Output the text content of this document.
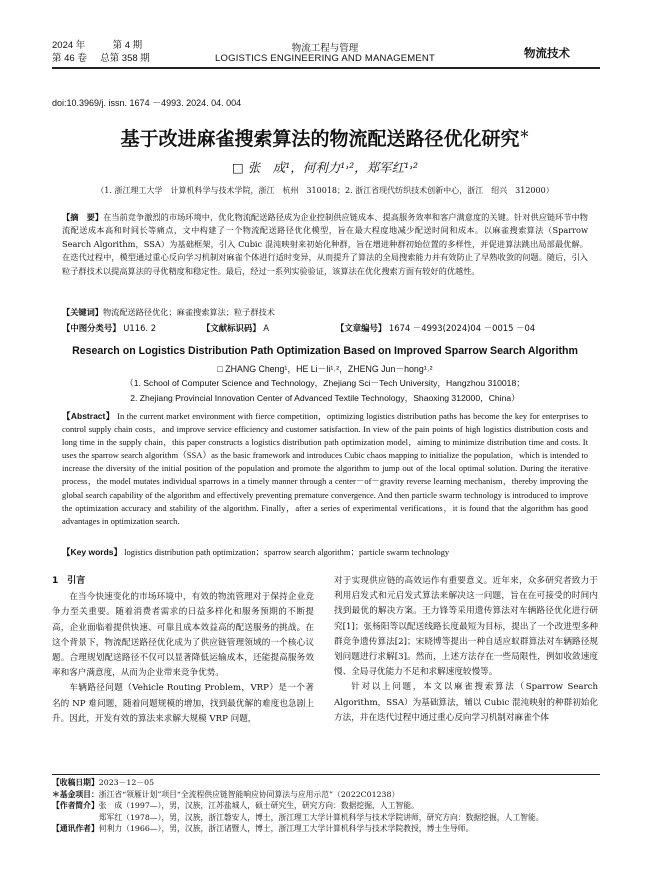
2024 年	第 4 期
第 46 卷 总第 358 期
物流工程与管理
LOGISTICS ENGINEERING AND MANAGEMENT	物流技术
doi:10.3969/j. issn. 1674 －4993. 2024. 04. 004
基于改进麻雀搜索算法的物流配送路径优化研究＊
□ 张　成¹，何利力¹˒²，郑军红¹˒²
（1. 浙江理工大学　计算机科学与技术学院，浙江　杭州　310018；2. 浙江省现代纺织技术创新中心，浙江　绍兴　312000）
【摘　要】在当前竞争激烈的市场环境中，优化物流配送路径成为企业控制供应链成本、提高服务效率和客户满意度的关键。针对供应链环节中物流配送成本高和时间长等痛点，文中构建了一个物流配送路径优化模型，旨在最大程度地减少配送时间和成本。以麻雀搜索算法（Sparrow Search Algorithm，SSA）为基础框架，引入 Cubic 混沌映射来初始化种群，旨在增进种群初始位置的多样性，并促进算法跳出局部最优解。在迭代过程中，模型通过重心反向学习机制对麻雀个体进行适时变异，从而提升了算法的全局搜索能力并有效防止了早熟收敛的问题。随后，引入粒子群技术以提高算法的寻优精度和稳定性。最后，经过一系列实验验证，该算法在优化搜索方面有较好的优越性。
【关键词】物流配送路径优化；麻雀搜索算法；粒子群技术
【中图分类号】 U116. 2	【文献标识码】 A	【文章编号】 1674 －4993(2024)04 －0015 －04
Research on Logistics Distribution Path Optimization Based on Improved Sparrow Search Algorithm
□ ZHANG Cheng¹，HE Li－li¹˒²，ZHENG Jun－hong¹˒²
（1. School of Computer Science and Technology，Zhejiang Sci－Tech University，Hangzhou 310018；
2. Zhejiang Provincial Innovation Center of Advanced Textile Technology，Shaoxing 312000，China）
【Abstract】 In the current market environment with fierce competition，optimizing logistics distribution paths has become the key for enterprises to control supply chain costs，and improve service efficiency and customer satisfaction. In view of the pain points of high logistics distribution costs and long time in the supply chain，this paper constructs a logistics distribution path optimization model，aiming to minimize distribution time and costs. It uses the sparrow search algorithm（SSA）as the basic framework and introduces Cubic chaos mapping to initialize the population，which is intended to increase the diversity of the initial position of the population and promote the algorithm to jump out of the local optimal solution. During the iterative process，the model mutates individual sparrows in a timely manner through a center－of－gravity reverse learning mechanism，thereby improving the global search capability of the algorithm and effectively preventing premature convergence. And then particle swarm technology is introduced to improve the optimization accuracy and stability of the algorithm. Finally，after a series of experimental verifications，it is found that the algorithm has good advantages in optimization search.
【Key words】 logistics distribution path optimization；sparrow search algorithm；particle swarm technology
1　引言

在当今快速变化的市场环境中，有效的物流管理对于保持企业竞争力至关重要。随着消费者需求的日益多样化和服务预期的不断提高，企业面临着提供快速、可靠且成本效益高的配送服务的挑战。在这个背景下，物流配送路径优化成为了供应链管理领域的一个核心议题。合理规划配送路径不仅可以显著降低运输成本，还能提高服务效率和客户满意度，从而为企业带来竞争优势。

车辆路径问题（Vehicle Routing Problem，VRP）是一个著名的 NP 难问题，随着问题规模的增加，找到最优解的难度也急剧上升。因此，开发有效的算法来求解大规模 VRP 问题，

对于实现供应链的高效运作有重要意义。近年来，众多研究者致力于利用启发式和元启发式算法来解决这一问题，旨在在可接受的时间内找到最优的解决方案。王力锋等采用遗传算法对车辆路径优化进行研究[1]；张杨阳等以配送线路长度最短为目标，提出了一个改进型多种群竞争遗传算法[2]；宋晓博等提出一种自适应蚁群算法对车辆路径规划问题进行求解[3]。然而，上述方法存在一些局限性，例如收敛速度慢、全局寻优能力不足和求解速度较慢等。

针对以上问题，本文以麻雀搜索算法（Sparrow Search Algorithm，SSA）为基础算法，辅以 Cubic 混沌映射的种群初始化方法，并在迭代过程中通过重心反向学习机制对麻雀个体

【收稿日期】2023－12－05
＊基金项目：浙江省“领雁计划”项目“全流程供应链智能响应协同算法与应用示范”（2022C01238）
【作者简介】 张　成（1997—），男，汉族，江苏盐城人，硕士研究生，研究方向：数据挖掘，人工智能。
郑军红（1978—），男，汉族，浙江磐安人，博士，浙江理工大学计算机科学与技术学院讲师，研究方向：数据挖掘，人工智能。
【通讯作者】何利力（1966—），男，汉族，浙江诸暨人，博士，浙江理工大学计算机科学与技术学院教授，博士生导师。
